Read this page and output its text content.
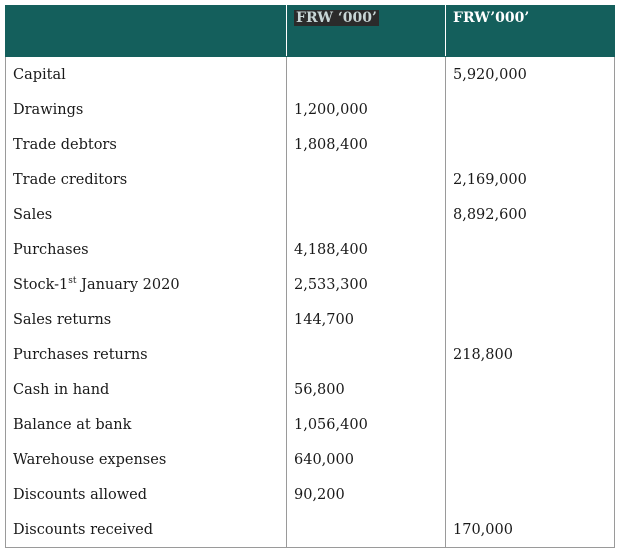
	FRW ‘000’	FRW’000’
Capital		5,920,000
Drawings	1,200,000	
Trade debtors	1,808,400	
Trade creditors		2,169,000
Sales		8,892,600
Purchases	4,188,400	
Stock-1st January 2020	2,533,300	
Sales returns	144,700	
Purchases returns		218,800
Cash in hand	56,800	
Balance at bank	1,056,400	
Warehouse expenses	640,000	
Discounts allowed	90,200	
Discounts received		170,000
